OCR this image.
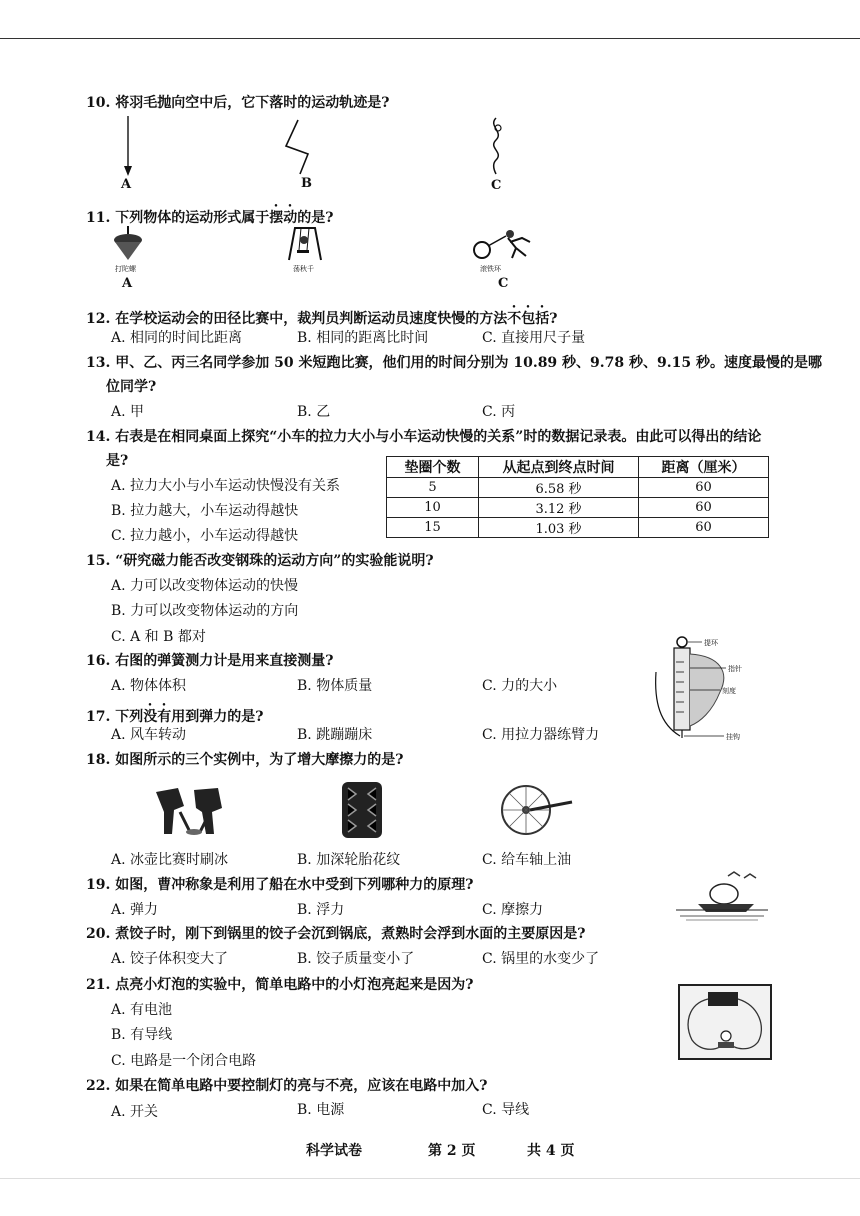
10. 将羽毛抛向空中后，它下落时的运动轨迹是?
A	B	C
11. 下列物体的运动形式属于摆动的是?
打陀螺	荡秋千	滚铁环
A	C
12. 在学校运动会的田径比赛中，裁判员判断运动员速度快慢的方法不包括?
A. 相同的时间比距离	B. 相同的距离比时间	C. 直接用尺子量
13. 甲、乙、丙三名同学参加 50 米短跑比赛，他们用的时间分别为 10.89 秒、9.78 秒、9.15 秒。速度最慢的是哪
位同学?
A. 甲	B. 乙	C. 丙
14. 右表是在相同桌面上探究“小车的拉力大小与小车运动快慢的关系”时的数据记录表。由此可以得出的结论
是?
A. 拉力大小与小车运动快慢没有关系
B. 拉力越大，小车运动得越快
C. 拉力越小，小车运动得越快
垫圈个数	从起点到终点时间	距离（厘米）
5	6.58 秒	60
10	3.12 秒	60
15	1.03 秒	60
15. “研究磁力能否改变钢珠的运动方向”的实验能说明?
A. 力可以改变物体运动的快慢
B. 力可以改变物体运动的方向
C. A 和 B 都对	提环
指针
刻度
挂钩
16. 右图的弹簧测力计是用来直接测量?
A. 物体体积	B. 物体质量	C. 力的大小
17. 下列没有用到弹力的是?
A. 风车转动	B. 跳蹦蹦床	C. 用拉力器练臂力
18. 如图所示的三个实例中，为了增大摩擦力的是?
A. 冰壶比赛时刷冰	B. 加深轮胎花纹	C. 给车轴上油
19. 如图，曹冲称象是利用了船在水中受到下列哪种力的原理?
A. 弹力	B. 浮力	C. 摩擦力
20. 煮饺子时，刚下到锅里的饺子会沉到锅底，煮熟时会浮到水面的主要原因是?
A. 饺子体积变大了	B. 饺子质量变小了	C. 锅里的水变少了
21. 点亮小灯泡的实验中，简单电路中的小灯泡亮起来是因为?
A. 有电池
B. 有导线
C. 电路是一个闭合电路
22. 如果在简单电路中要控制灯的亮与不亮，应该在电路中加入?
A. 开关	B. 电源	C. 导线
科学试卷	第 2 页	共 4 页
